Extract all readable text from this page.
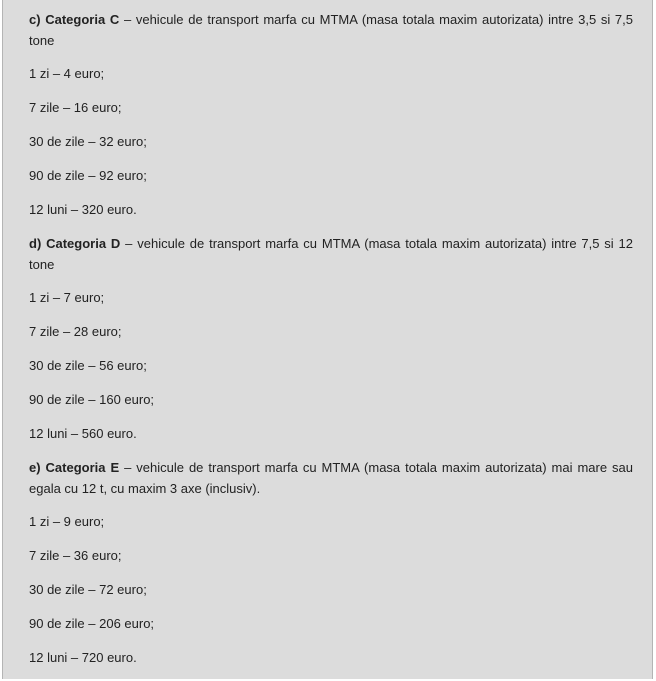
c) Categoria C – vehicule de transport marfa cu MTMA (masa totala maxim autorizata) intre 3,5 si 7,5 tone

1 zi – 4 euro;

7 zile – 16 euro;

30 de zile – 32 euro;

90 de zile – 92 euro;

12 luni – 320 euro.

d) Categoria D – vehicule de transport marfa cu MTMA (masa totala maxim autorizata) intre 7,5 si 12 tone

1 zi – 7 euro;

7 zile – 28 euro;

30 de zile – 56 euro;

90 de zile – 160 euro;

12 luni – 560 euro.

e) Categoria E – vehicule de transport marfa cu MTMA (masa totala maxim autorizata) mai mare sau egala cu 12 t, cu maxim 3 axe (inclusiv).

1 zi – 9 euro;

7 zile – 36 euro;

30 de zile – 72 euro;

90 de zile – 206 euro;

12 luni – 720 euro.
